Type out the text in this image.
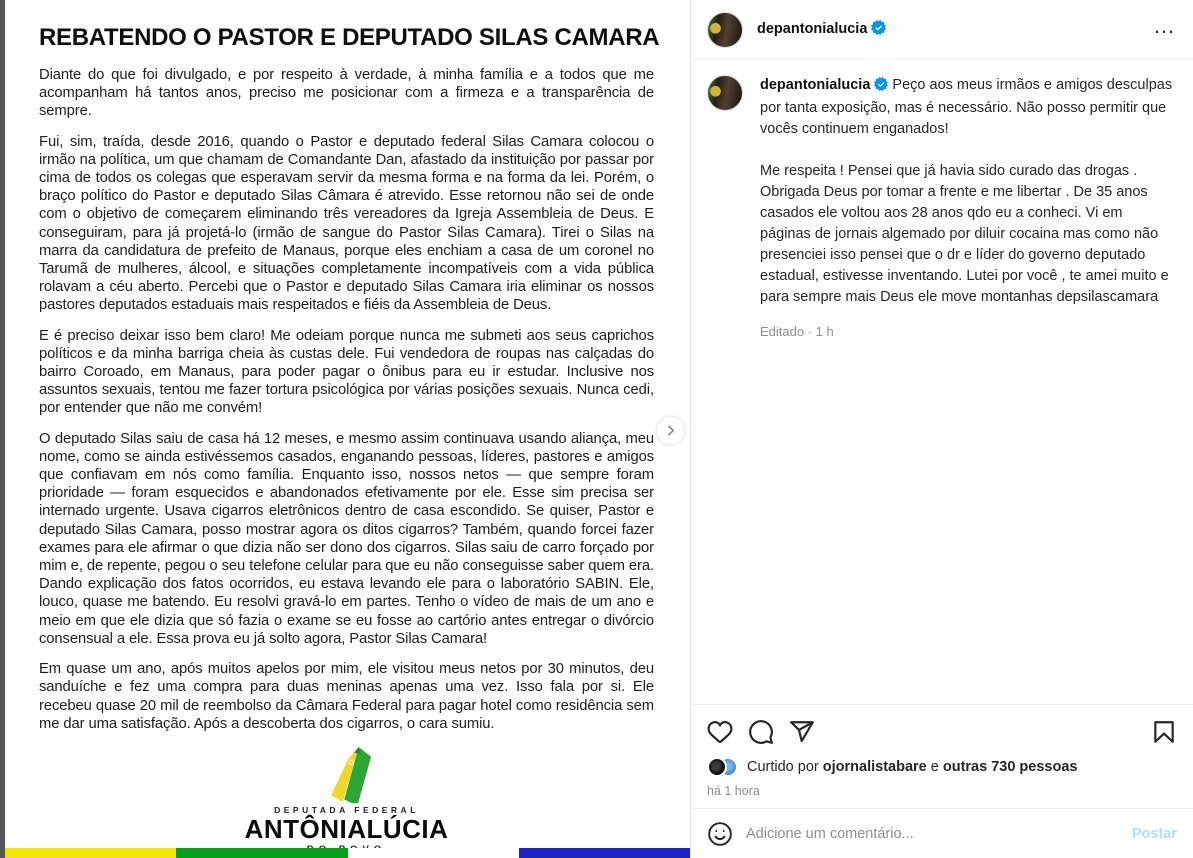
REBATENDO O PASTOR E DEPUTADO SILAS CAMARA

Diante do que foi divulgado, e por respeito à verdade, à minha família e a todos que me acompanham há tantos anos, preciso me posicionar com a firmeza e a transparência de sempre.

Fui, sim, traída, desde 2016, quando o Pastor e deputado federal Silas Camara colocou o irmão na política, um que chamam de Comandante Dan, afastado da instituição por passar por cima de todos os colegas que esperavam servir da mesma forma e na forma da lei. Porém, o braço político do Pastor e deputado Silas Câmara é atrevido. Esse retornou não sei de onde com o objetivo de começarem eliminando três vereadores da Igreja Assembleia de Deus. E conseguiram, para já projetá-lo (irmão de sangue do Pastor Silas Camara). Tirei o Silas na marra da candidatura de prefeito de Manaus, porque eles enchiam a casa de um coronel no Tarumã de mulheres, álcool, e situações completamente incompatíveis com a vida pública rolavam a céu aberto. Percebi que o Pastor e deputado Silas Camara iria eliminar os nossos pastores deputados estaduais mais respeitados e fiéis da Assembleia de Deus.

E é preciso deixar isso bem claro! Me odeiam porque nunca me submeti aos seus caprichos políticos e da minha barriga cheia às custas dele. Fui vendedora de roupas nas calçadas do bairro Coroado, em Manaus, para poder pagar o ônibus para eu ir estudar. Inclusive nos assuntos sexuais, tentou me fazer tortura psicológica por várias posições sexuais. Nunca cedi, por entender que não me convém!

O deputado Silas saiu de casa há 12 meses, e mesmo assim continuava usando aliança, meu nome, como se ainda estivéssemos casados, enganando pessoas, líderes, pastores e amigos que confiavam em nós como família. Enquanto isso, nossos netos — que sempre foram prioridade — foram esquecidos e abandonados efetivamente por ele. Esse sim precisa ser internado urgente. Usava cigarros eletrônicos dentro de casa escondido. Se quiser, Pastor e deputado Silas Camara, posso mostrar agora os ditos cigarros? Também, quando forcei fazer exames para ele afirmar o que dizia não ser dono dos cigarros. Silas saiu de carro forçado por mim e, de repente, pegou o seu telefone celular para que eu não conseguisse saber quem era. Dando explicação dos fatos ocorridos, eu estava levando ele para o laboratório SABIN. Ele, louco, quase me batendo. Eu resolvi gravá-lo em partes. Tenho o vídeo de mais de um ano e meio em que ele dizia que só fazia o exame se eu fosse ao cartório antes entregar o divórcio consensual a ele. Essa prova eu já solto agora, Pastor Silas Camara!

Em quase um ano, após muitos apelos por mim, ele visitou meus netos por 30 minutos, deu sanduíche e fez uma compra para duas meninas apenas uma vez. Isso fala por si. Ele recebeu quase 20 mil de reembolso da Câmara Federal para pagar hotel como residência sem me dar uma satisfação. Após a descoberta dos cigarros, o cara sumiu.

DEPUTADA FEDERAL
ANTÔNIALÚCIA
depantonialucia	…
depantonialucia Peço aos meus irmãos e amigos desculpas por tanta exposição, mas é necessário. Não posso permitir que vocês continuem enganados!
Me respeita ! Pensei que já havia sido curado das drogas . Obrigada Deus por tomar a frente e me libertar . De 35 anos casados ele voltou aos 28 anos qdo eu a conheci. Vi em páginas de jornais algemado por diluir cocaina mas como não presenciei isso pensei que o dr e líder do governo deputado estadual, estivesse inventando. Lutei por você , te amei muito e para sempre mais Deus ele move montanhas depsilascamara
Editado · 1 h
Curtido por ojornalistabare e outras 730 pessoas
há 1 hora
Adicione um comentário...
Postar
